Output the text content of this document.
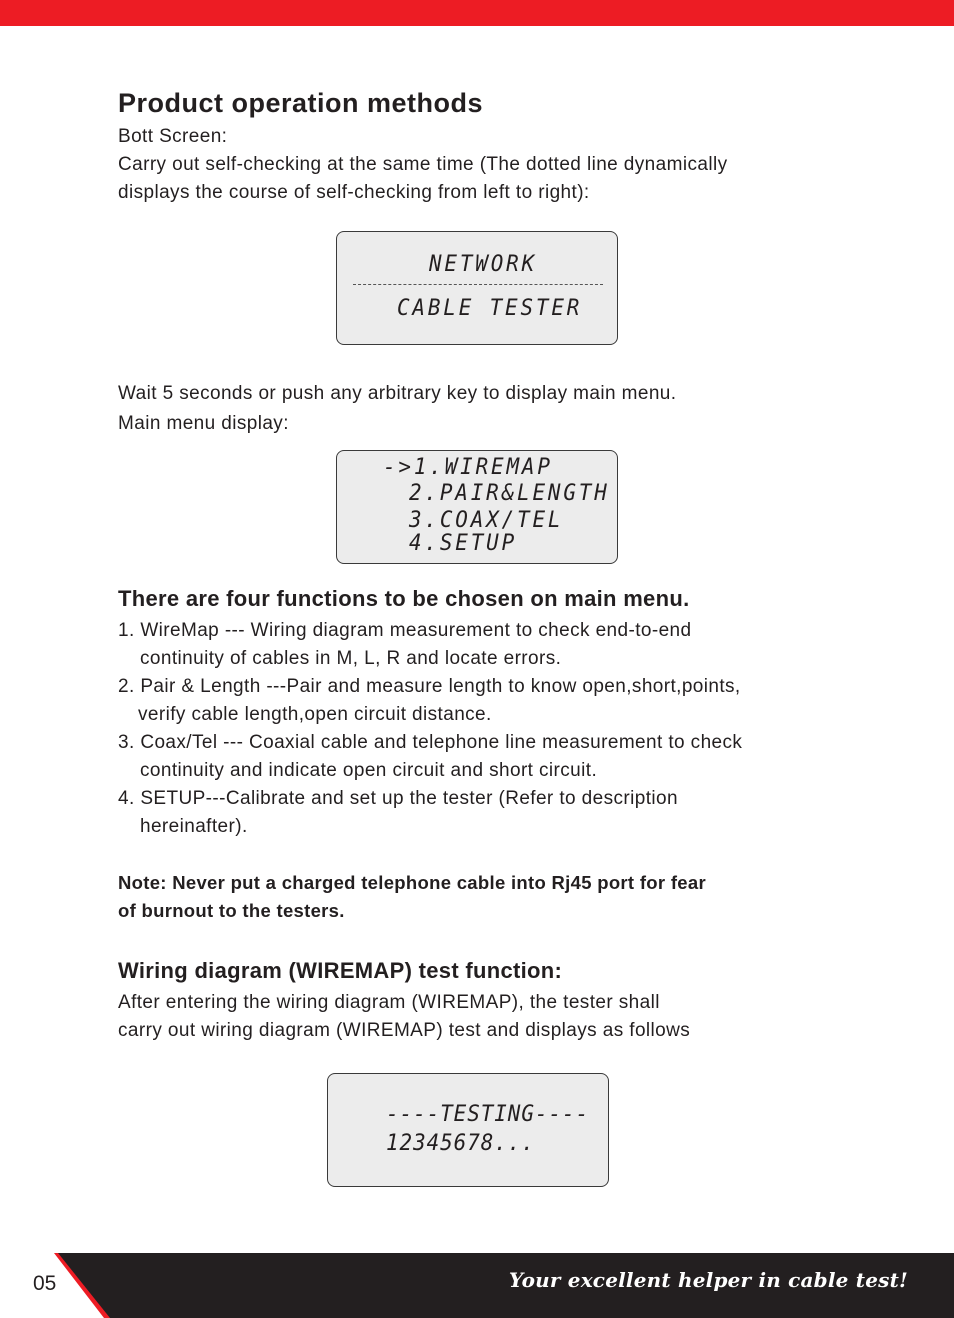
Product operation methods
Bott Screen:
Carry out self-checking at the same time (The dotted line dynamically
displays the course of self-checking from left to right):
NETWORK
CABLE TESTER
Wait 5 seconds or push any arbitrary key to display main menu.
Main menu display:
->1.WIREMAP
2.PAIR&LENGTH
3.COAX/TEL
4.SETUP
There are four functions to be chosen on main menu.
1. WireMap --- Wiring diagram measurement to check end-to-end
continuity of cables in M, L, R and locate errors.
2. Pair & Length ---Pair and measure length to know open,short,points,
verify cable length,open circuit distance.
3. Coax/Tel --- Coaxial cable and telephone line measurement to check
continuity and indicate open circuit and short circuit.
4. SETUP---Calibrate and set up the tester (Refer to description
hereinafter).
Note: Never put a charged telephone cable into Rj45 port for fear
of burnout to the testers.
Wiring diagram (WIREMAP) test function:
After entering the wiring diagram (WIREMAP), the tester shall
carry out wiring diagram (WIREMAP) test and displays as follows
----TESTING----
12345678...
05	Your excellent helper in cable test!
